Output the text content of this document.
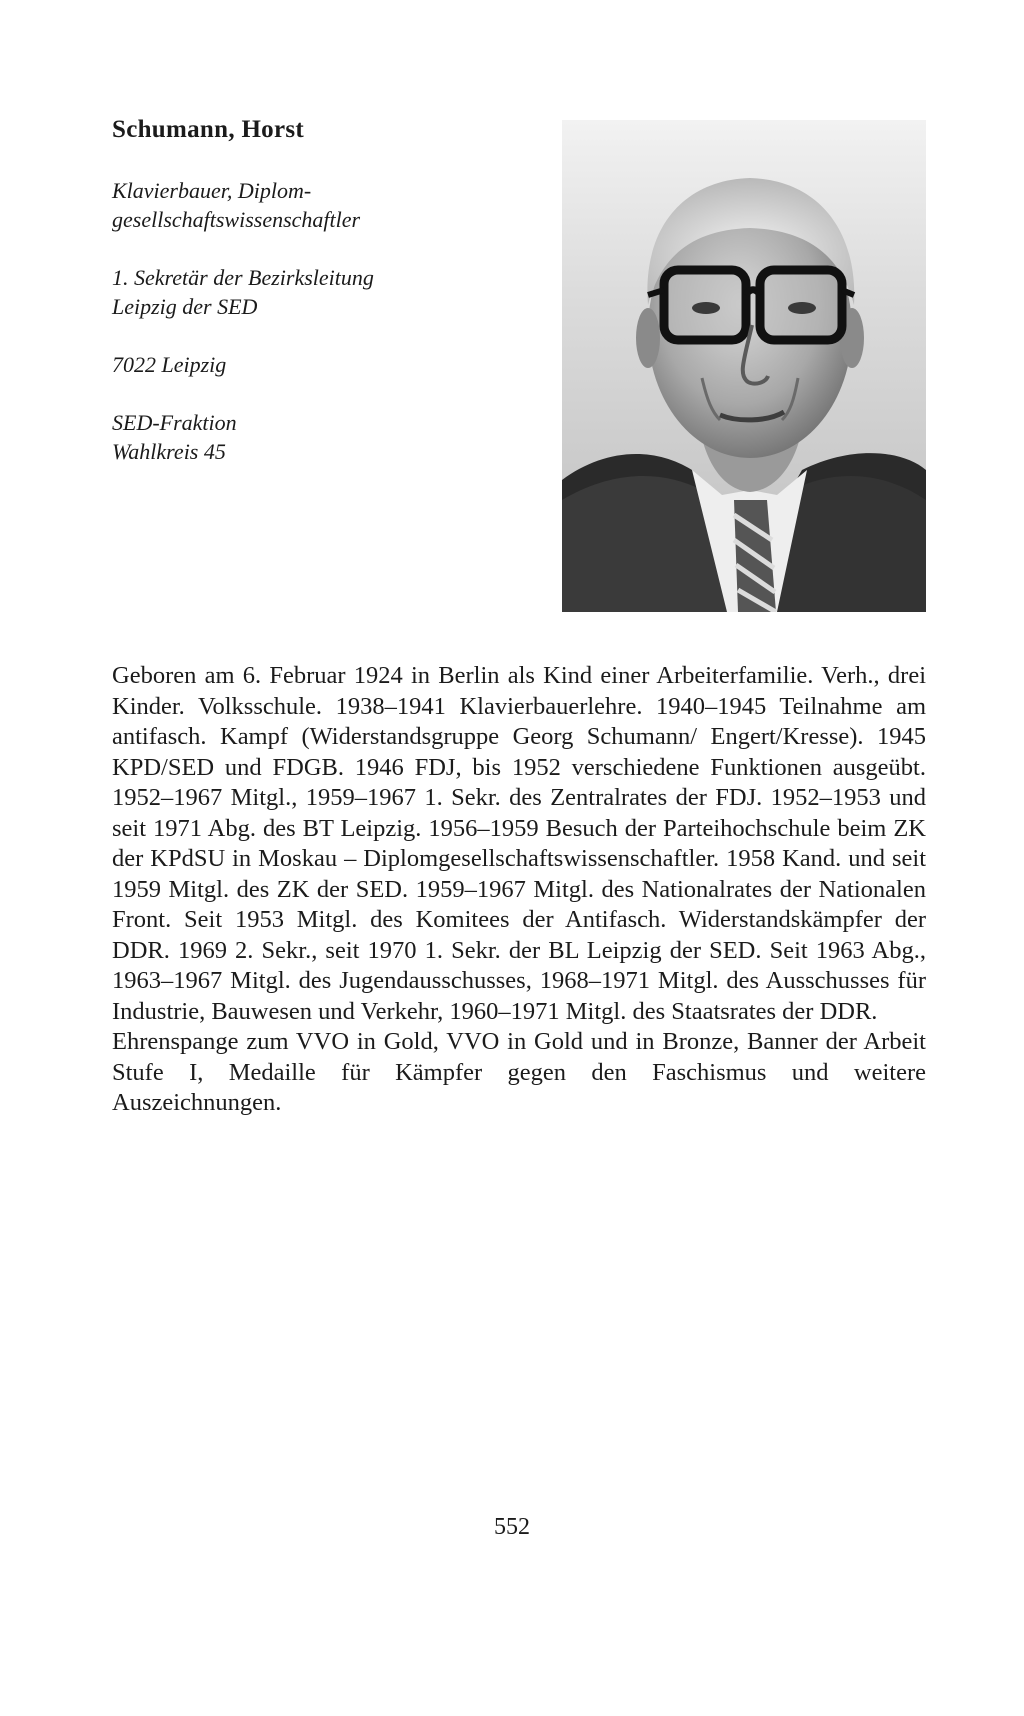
Schumann, Horst

Klavierbauer, Diplom-
gesellschaftswissenschaftler

1. Sekretär der Bezirksleitung
Leipzig der SED

7022 Leipzig

SED-Fraktion
Wahlkreis 45

Geboren am 6. Februar 1924 in Berlin als Kind einer Arbeiterfamilie. Verh., drei Kinder. Volksschule. 1938–1941 Klavierbauerlehre. 1940–1945 Teilnahme am antifasch. Kampf (Widerstandsgruppe Georg Schumann/ Engert/Kresse). 1945 KPD/SED und FDGB. 1946 FDJ, bis 1952 verschiedene Funktionen ausgeübt. 1952–1967 Mitgl., 1959–1967 1. Sekr. des Zentralrates der FDJ. 1952–1953 und seit 1971 Abg. des BT Leipzig. 1956–1959 Besuch der Parteihochschule beim ZK der KPdSU in Moskau – Diplomgesellschaftswissenschaftler. 1958 Kand. und seit 1959 Mitgl. des ZK der SED. 1959–1967 Mitgl. des Nationalrates der Nationalen Front. Seit 1953 Mitgl. des Komitees der Antifasch. Widerstandskämpfer der DDR. 1969 2. Sekr., seit 1970 1. Sekr. der BL Leipzig der SED. Seit 1963 Abg., 1963–1967 Mitgl. des Jugendausschusses, 1968–1971 Mitgl. des Ausschusses für Industrie, Bauwesen und Verkehr, 1960–1971 Mitgl. des Staatsrates der DDR.

Ehrenspange zum VVO in Gold, VVO in Gold und in Bronze, Banner der Arbeit Stufe I, Medaille für Kämpfer gegen den Faschismus und weitere Auszeichnungen.

552
